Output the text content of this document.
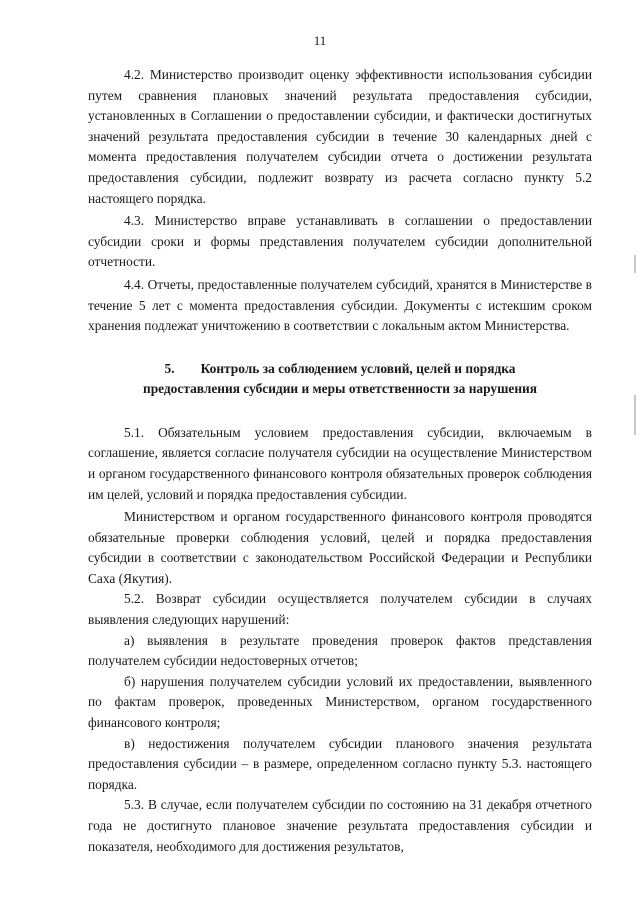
11

4.2. Министерство производит оценку эффективности использования субсидии путем сравнения плановых значений результата предоставления субсидии, установленных в Соглашении о предоставлении субсидии, и фактически достигнутых значений результата предоставления субсидии в течение 30 календарных дней с момента предоставления получателем субсидии отчета о достижении результата предоставления субсидии, подлежит возврату из расчета согласно пункту 5.2 настоящего порядка.

4.3. Министерство вправе устанавливать в соглашении о предоставлении субсидии сроки и формы представления получателем субсидии дополнительной отчетности.

4.4. Отчеты, предоставленные получателем субсидий, хранятся в Министерстве в течение 5 лет с момента предоставления субсидии. Документы с истекшим сроком хранения подлежат уничтожению в соответствии с локальным актом Министерства.

5. Контроль за соблюдением условий, целей и порядка
предоставления субсидии и меры ответственности за нарушения

5.1. Обязательным условием предоставления субсидии, включаемым в соглашение, является согласие получателя субсидии на осуществление Министерством и органом государственного финансового контроля обязательных проверок соблюдения им целей, условий и порядка предоставления субсидии.

Министерством и органом государственного финансового контроля проводятся обязательные проверки соблюдения условий, целей и порядка предоставления субсидии в соответствии с законодательством Российской Федерации и Республики Саха (Якутия).

5.2. Возврат субсидии осуществляется получателем субсидии в случаях выявления следующих нарушений:

а) выявления в результате проведения проверок фактов представления получателем субсидии недостоверных отчетов;

б) нарушения получателем субсидии условий их предоставлении, выявленного по фактам проверок, проведенных Министерством, органом государственного финансового контроля;

в) недостижения получателем субсидии планового значения результата предоставления субсидии – в размере, определенном согласно пункту 5.3. настоящего порядка.

5.3. В случае, если получателем субсидии по состоянию на 31 декабря отчетного года не достигнуто плановое значение результата предоставления субсидии и показателя, необходимого для достижения результатов,
